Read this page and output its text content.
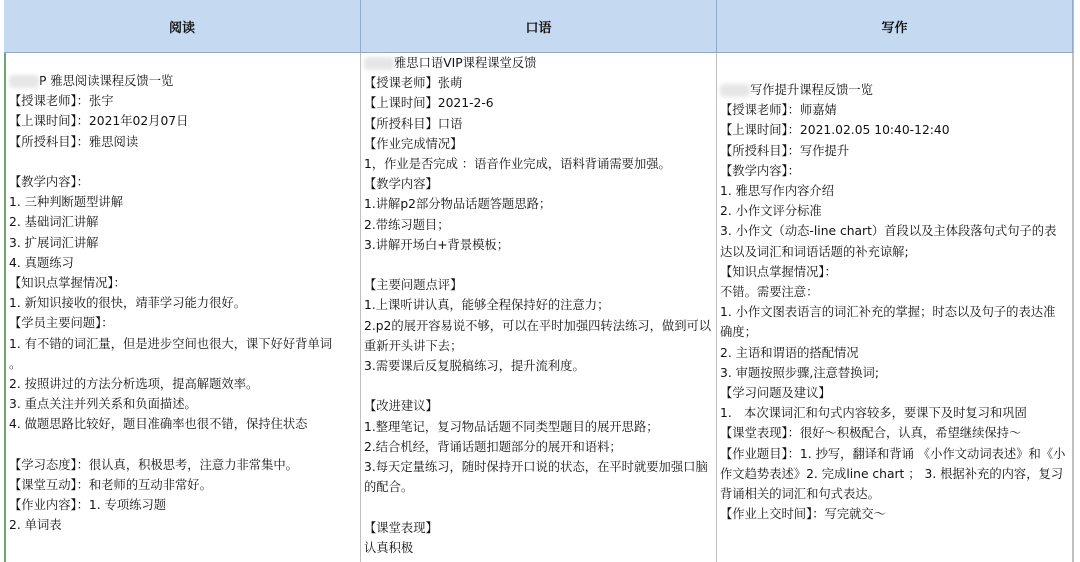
阅读	口语	写作
P 雅思阅读课程反馈一览
【授课老师】：张宇
【上课时间】：2021年02月07日
【所授科目】：雅思阅读
【教学内容】：
1. 三种判断题型讲解
2. 基础词汇讲解
3. 扩展词汇讲解
4. 真题练习
【知识点掌握情况】：
1. 新知识接收的很快，靖菲学习能力很好。
【学员主要问题】：
1. 有不错的词汇量，但是进步空间也很大，课下好好背单词
。
2. 按照讲过的方法分析选项，提高解题效率。
3. 重点关注并列关系和负面描述。
4. 做题思路比较好，题目准确率也很不错，保持住状态
【学习态度】：很认真，积极思考，注意力非常集中。
【课堂互动】：和老师的互动非常好。
【作业内容】：1. 专项练习题
2. 单词表
雅思口语VIP课程课堂反馈
【授课老师】张萌
【上课时间】2021-2-6
【所授科目】口语
【作业完成情况】
1，作业是否完成 ：语音作业完成，语料背诵需要加强。
【教学内容】
1.讲解p2部分物品话题答题思路；
2.带练习题目；
3.讲解开场白+背景模板；
【主要问题点评】
1.上课听讲认真，能够全程保持好的注意力；
2.p2的展开容易说不够，可以在平时加强四转法练习，做到可以重新开头讲下去；
3.需要课后反复脱稿练习，提升流利度。
【改进建议】
1.整理笔记，复习物品话题不同类型题目的展开思路；
2.结合机经，背诵话题扣题部分的展开和语料；
3.每天定量练习，随时保持开口说的状态，在平时就要加强口脑的配合。
【课堂表现】
认真积极
写作提升课程反馈一览
【授课老师】：师嘉婧
【上课时间】：2021.02.05 10:40-12:40
【所授科目】：写作提升
【教学内容】：
1. 雅思写作内容介绍
2. 小作文评分标准
3. 小作文（动态-line chart）首段以及主体段落句式句子的表达以及词汇和词语话题的补充谅解;
【知识点掌握情况】：
不错。需要注意：
1. 小作文图表语言的词汇补充的掌握；时态以及句子的表达准确度；
2. 主语和谓语的搭配情况
3. 审题按照步骤,注意替换词;
【学习问题及建议】
1.　本次课词汇和句式内容较多，要课下及时复习和巩固
【课堂表现】：很好～积极配合，认真，希望继续保持～
【作业题目】：1. 抄写，翻译和背诵 《小作文动词表述》和《小作文趋势表述》2. 完成line chart ； 3. 根据补充的内容，复习背诵相关的词汇和句式表达。
【作业上交时间】：写完就交～
